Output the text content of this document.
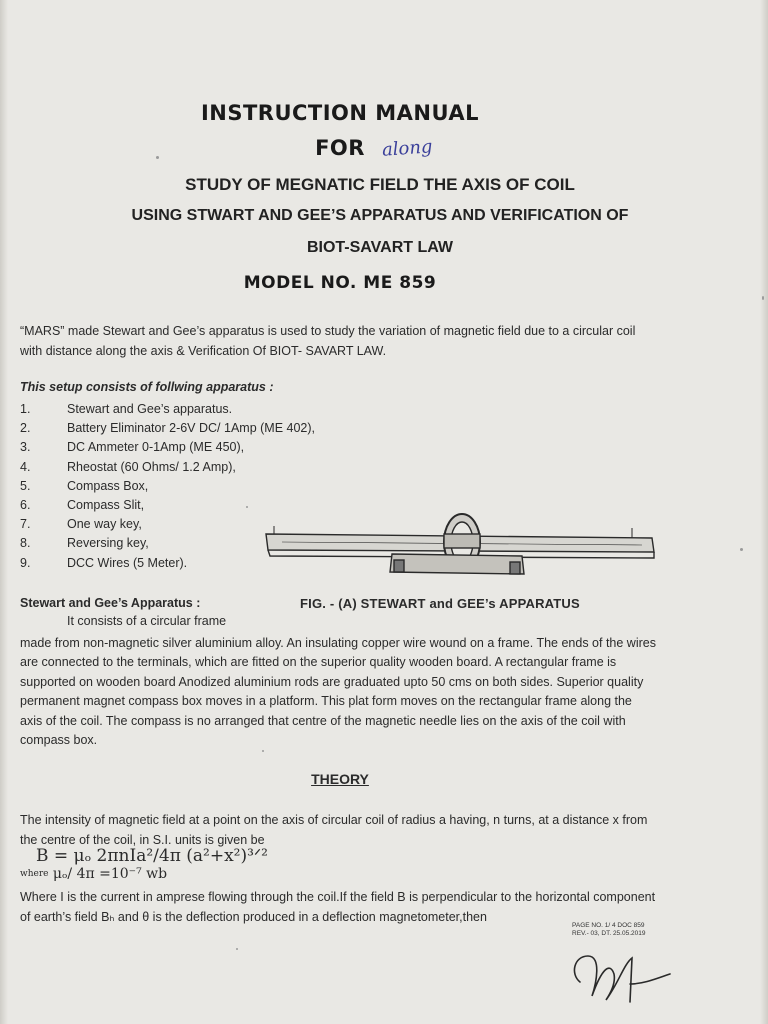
INSTRUCTION MANUAL
FOR along
STUDY OF MEGNATIC FIELD THE AXIS OF COIL
USING STWART AND GEE’S APPARATUS AND VERIFICATION OF
BIOT-SAVART LAW
MODEL NO. ME 859
“MARS” made Stewart and Gee’s apparatus is used to study the variation of magnetic field due to a circular coil
with distance along the axis & Verification Of BIOT- SAVART LAW.
This setup consists of follwing apparatus :
1.	Stewart and Gee’s apparatus.
2.	Battery Eliminator 2-6V DC/ 1Amp (ME 402),
3.	DC Ammeter 0-1Amp (ME 450),
4.	Rheostat (60 Ohms/ 1.2 Amp),
5.	Compass Box,
6.	Compass Slit,
7.	One way key,
8.	Reversing key,
9.	DCC Wires (5 Meter).
Stewart and Gee’s Apparatus :	FIG. - (A) STEWART and GEE’s APPARATUS
It consists of a circular frame
made from non-magnetic silver aluminium alloy. An insulating copper wire wound on a frame. The ends of the wires
are connected to the terminals, which are fitted on the superior quality wooden board. A rectangular frame is
supported on wooden board Anodized aluminium rods are graduated upto 50 cms on both sides. Superior quality
permanent magnet compass box moves in a platform. This plat form moves on the rectangular frame along the
axis of the coil. The compass is no arranged that centre of the magnetic needle lies on the axis of the coil with
compass box.
THEORY
The intensity of magnetic field at a point on the axis of circular coil of radius a having, n turns, at a distance x from
the centre of the coil, in S.I. units is given be
B = μₒ 2πnIa²/4π (a²+x²)³ᐟ²
where μₒ/ 4π =10⁻⁷ wb
Where I is the current in amprese flowing through the coil.If the field B is perpendicular to the horizontal component
of earth’s field Bₕ and θ is the deflection produced in a deflection magnetometer,then
PAGE NO. 1/ 4 DOC 859
REV.- 03, DT. 25.05.2019
